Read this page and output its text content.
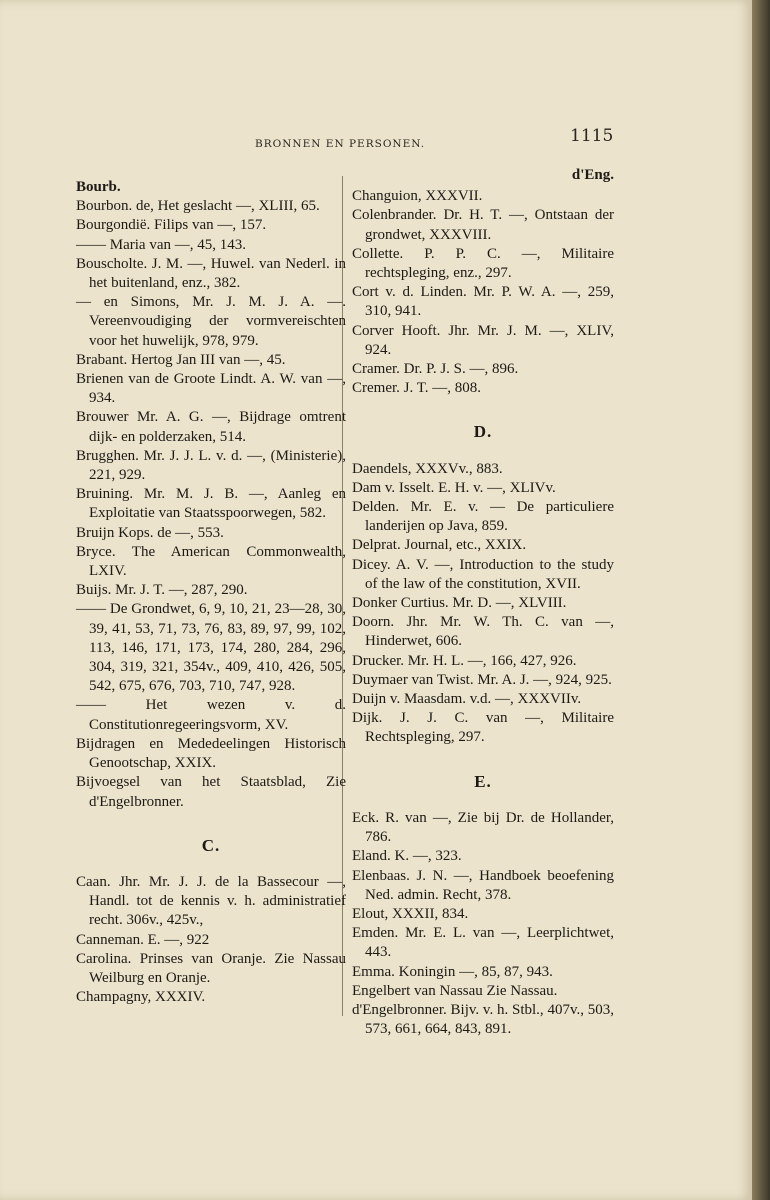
BRONNEN EN PERSONEN.	1115
Bourb.
Bourbon. de, Het geslacht —, XLIII, 65.
Bourgondië. Filips van —, 157.
—— Maria van —, 45, 143.
Bouscholte. J. M. —, Huwel. van Nederl. in het buitenland, enz., 382.
— en Simons, Mr. J. M. J. A. —. Vereenvoudiging der vormvereischten voor het huwelijk, 978, 979.
Brabant. Hertog Jan III van —, 45.
Brienen van de Groote Lindt. A. W. van —, 934.
Brouwer Mr. A. G. —, Bijdrage omtrent dijk- en polderzaken, 514.
Brugghen. Mr. J. J. L. v. d. —, (Ministerie), 221, 929.
Bruining. Mr. M. J. B. —, Aanleg en Exploitatie van Staatsspoorwegen, 582.
Bruijn Kops. de —, 553.
Bryce. The American Commonwealth, LXIV.
Buijs. Mr. J. T. —, 287, 290.
—— De Grondwet, 6, 9, 10, 21, 23—28, 30, 39, 41, 53, 71, 73, 76, 83, 89, 97, 99, 102, 113, 146, 171, 173, 174, 280, 284, 296, 304, 319, 321, 354v., 409, 410, 426, 505, 542, 675, 676, 703, 710, 747, 928.
—— Het wezen v. d. Constitutionregeeringsvorm, XV.
Bijdragen en Mededeelingen Historisch Genootschap, XXIX.
Bijvoegsel van het Staatsblad, Zie d'Engelbronner.
C.
Caan. Jhr. Mr. J. J. de la Bassecour —, Handl. tot de kennis v. h. administratief recht. 306v., 425v.,
Canneman. E. —, 922
Carolina. Prinses van Oranje. Zie Nassau Weilburg en Oranje.
Champagny, XXXIV.
d'Eng.
Changuion, XXXVII.
Colenbrander. Dr. H. T. —, Ontstaan der grondwet, XXXVIII.
Collette. P. P. C. —, Militaire rechtspleging, enz., 297.
Cort v. d. Linden. Mr. P. W. A. —, 259, 310, 941.
Corver Hooft. Jhr. Mr. J. M. —, XLIV, 924.
Cramer. Dr. P. J. S. —, 896.
Cremer. J. T. —, 808.
D.
Daendels, XXXVv., 883.
Dam v. Isselt. E. H. v. —, XLIVv.
Delden. Mr. E. v. — De particuliere landerijen op Java, 859.
Delprat. Journal, etc., XXIX.
Dicey. A. V. —, Introduction to the study of the law of the constitution, XVII.
Donker Curtius. Mr. D. —, XLVIII.
Doorn. Jhr. Mr. W. Th. C. van —, Hinderwet, 606.
Drucker. Mr. H. L. —, 166, 427, 926.
Duymaer van Twist. Mr. A. J. —, 924, 925.
Duijn v. Maasdam. v.d. —, XXXVIIv.
Dijk. J. J. C. van —, Militaire Rechtspleging, 297.
E.
Eck. R. van —, Zie bij Dr. de Hollander, 786.
Eland. K. —, 323.
Elenbaas. J. N. —, Handboek beoefening Ned. admin. Recht, 378.
Elout, XXXII, 834.
Emden. Mr. E. L. van —, Leerplichtwet, 443.
Emma. Koningin —, 85, 87, 943.
Engelbert van Nassau Zie Nassau.
d'Engelbronner. Bijv. v. h. Stbl., 407v., 503, 573, 661, 664, 843, 891.
